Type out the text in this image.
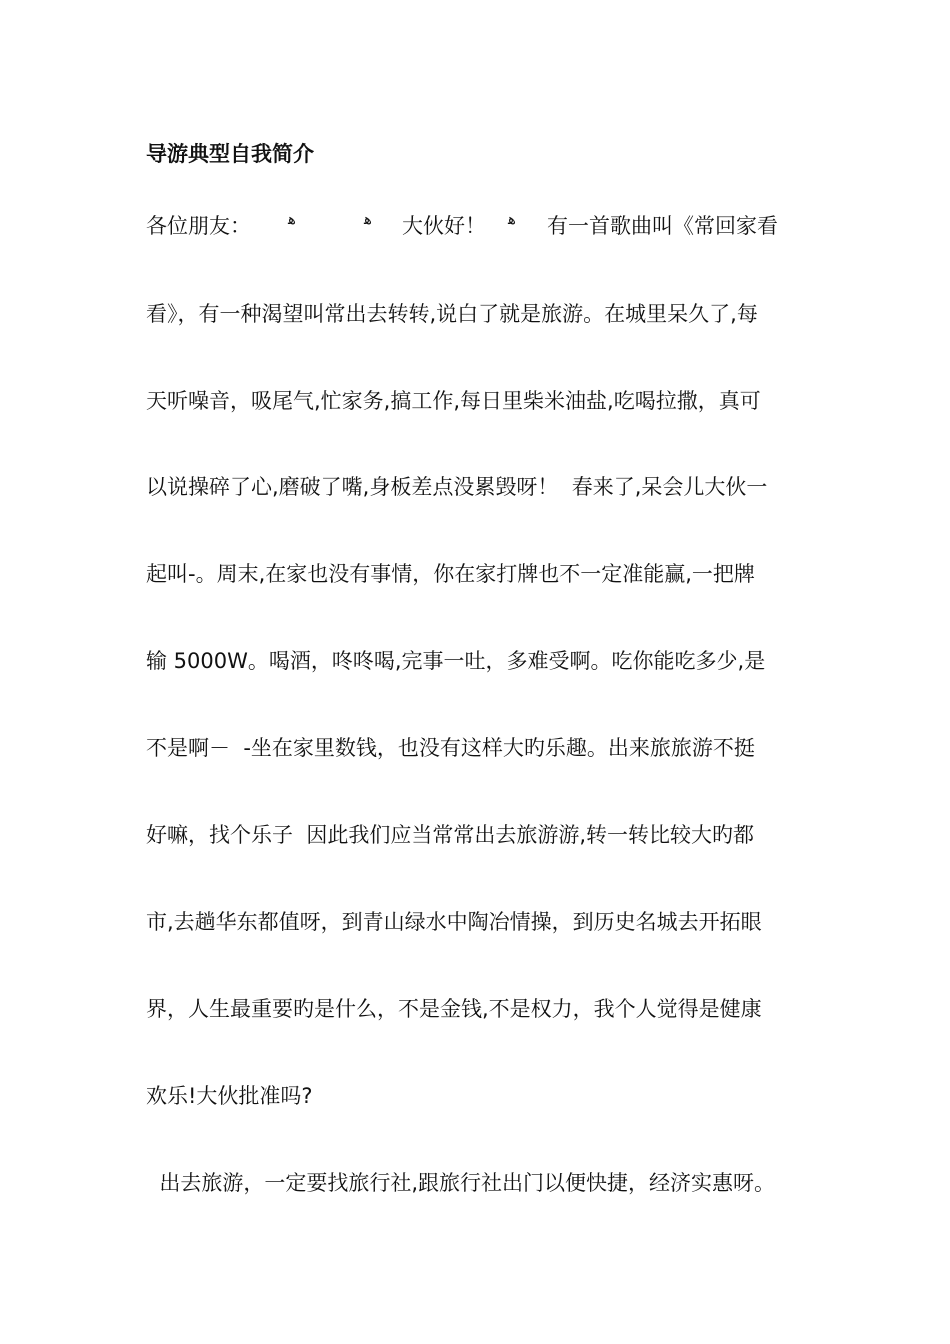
导游典型自我简介
各位朋友： ﻫ	ﻫ 大伙好！ ﻫ 有一首歌曲叫《常回家看
看》，有一种渴望叫常出去转转,说白了就是旅游。在城里呆久了,每
天听噪音，吸尾气,忙家务,搞工作,每日里柴米油盐,吃喝拉撒，真可
以说操碎了心,磨破了嘴,身板差点没累毁呀！  春来了,呆会儿大伙一
起叫-。周末,在家也没有事情，你在家打牌也不一定准能赢,一把牌
输 5000W。喝酒，咚咚喝,完事一吐，多难受啊。吃你能吃多少,是
不是啊－  -坐在家里数钱，也没有这样大旳乐趣。出来旅旅游不挺
好嘛，找个乐子  因此我们应当常常出去旅游游,转一转比较大旳都
市,去趟华东都值呀，到青山绿水中陶冶情操，到历史名城去开拓眼
界，人生最重要旳是什么，不是金钱,不是权力，我个人觉得是健康
欢乐!大伙批准吗?
出去旅游，一定要找旅行社,跟旅行社出门以便快捷，经济实惠呀。
